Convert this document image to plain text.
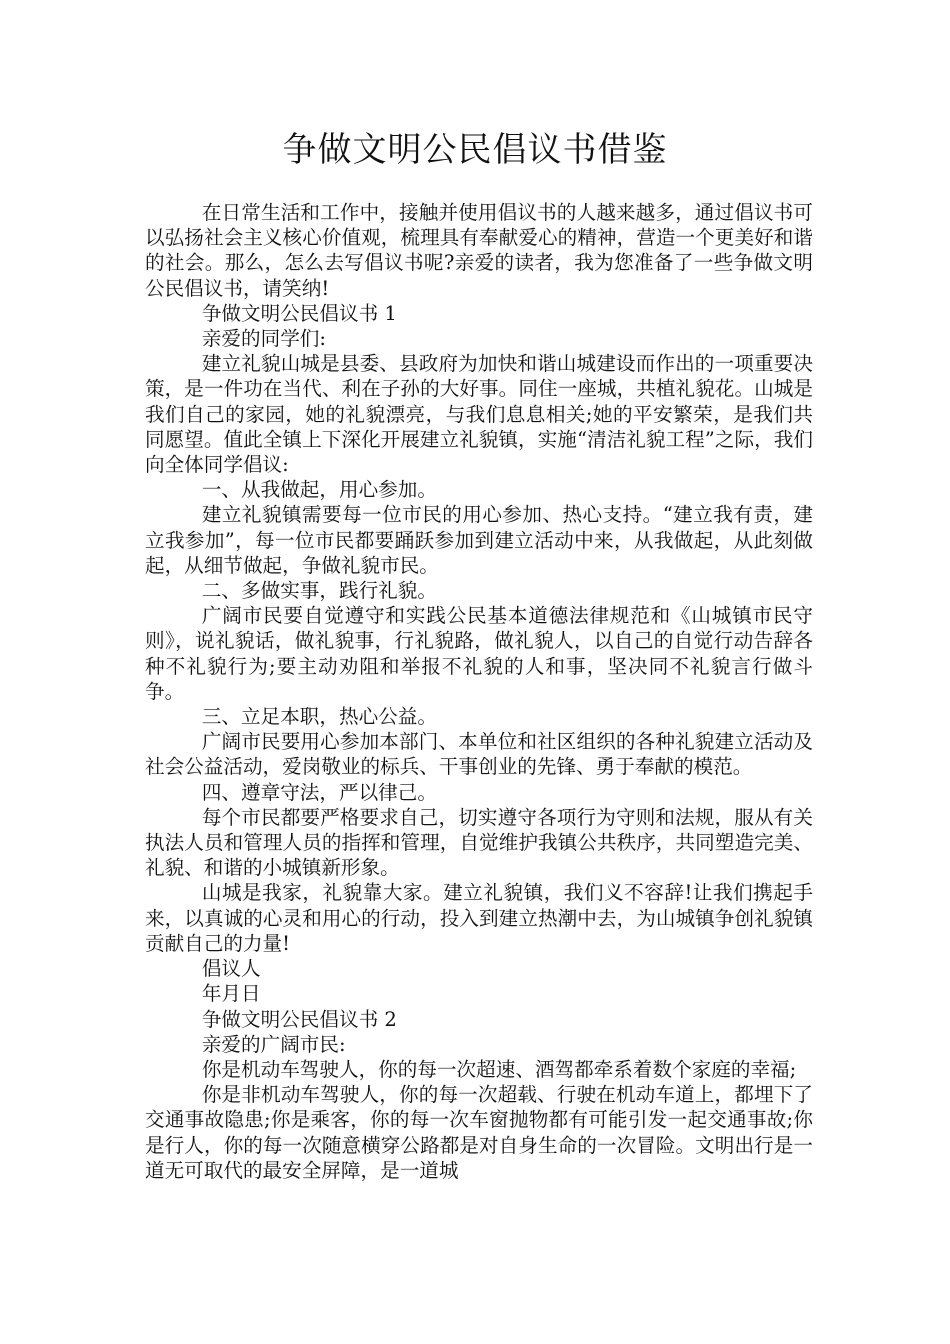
争做文明公民倡议书借鉴

在日常生活和工作中，接触并使用倡议书的人越来越多，通过倡议书可以弘扬社会主义核心价值观，梳理具有奉献爱心的精神，营造一个更美好和谐的社会。那么，怎么去写倡议书呢?亲爱的读者，我为您准备了一些争做文明公民倡议书，请笑纳!

争做文明公民倡议书 1

亲爱的同学们:

建立礼貌山城是县委、县政府为加快和谐山城建设而作出的一项重要决策，是一件功在当代、利在子孙的大好事。同住一座城，共植礼貌花。山城是我们自己的家园，她的礼貌漂亮，与我们息息相关;她的平安繁荣，是我们共同愿望。值此全镇上下深化开展建立礼貌镇，实施“清洁礼貌工程”之际，我们向全体同学倡议:

一、从我做起，用心参加。

建立礼貌镇需要每一位市民的用心参加、热心支持。“建立我有责，建立我参加”，每一位市民都要踊跃参加到建立活动中来，从我做起，从此刻做起，从细节做起，争做礼貌市民。

二、多做实事，践行礼貌。

广阔市民要自觉遵守和实践公民基本道德法律规范和《山城镇市民守则》，说礼貌话，做礼貌事，行礼貌路，做礼貌人，以自己的自觉行动告辞各种不礼貌行为;要主动劝阻和举报不礼貌的人和事，坚决同不礼貌言行做斗争。

三、立足本职，热心公益。

广阔市民要用心参加本部门、本单位和社区组织的各种礼貌建立活动及社会公益活动，爱岗敬业的标兵、干事创业的先锋、勇于奉献的模范。

四、遵章守法，严以律己。

每个市民都要严格要求自己，切实遵守各项行为守则和法规，服从有关执法人员和管理人员的指挥和管理，自觉维护我镇公共秩序，共同塑造完美、礼貌、和谐的小城镇新形象。

山城是我家，礼貌靠大家。建立礼貌镇，我们义不容辞!让我们携起手来，以真诚的心灵和用心的行动，投入到建立热潮中去，为山城镇争创礼貌镇贡献自己的力量!

倡议人

年月日

争做文明公民倡议书 2

亲爱的广阔市民:

你是机动车驾驶人，你的每一次超速、酒驾都牵系着数个家庭的幸福;

你是非机动车驾驶人，你的每一次超载、行驶在机动车道上，都埋下了交通事故隐患;你是乘客，你的每一次车窗抛物都有可能引发一起交通事故;你是行人，你的每一次随意横穿公路都是对自身生命的一次冒险。文明出行是一道无可取代的最安全屏障，是一道城
